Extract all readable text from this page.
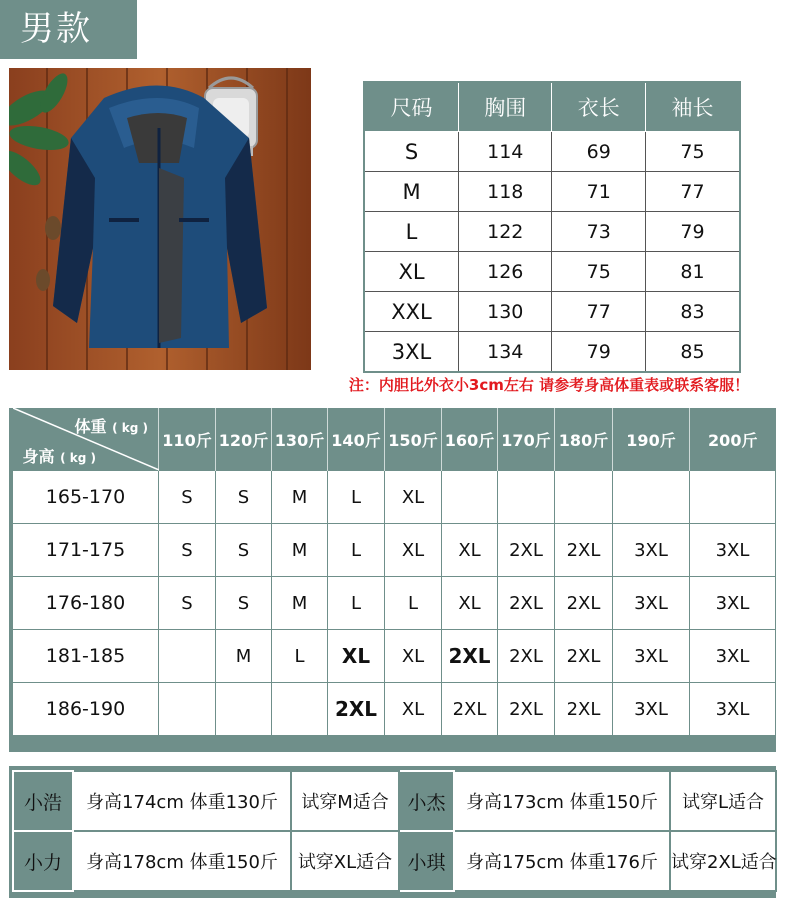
男款
尺码	胸围	衣长	袖长
S	114	69	75
M	118	71	77
L	122	73	79
XL	126	75	81
XXL	130	77	83
3XL	134	79	85
注：内胆比外衣小3cm左右 请参考身高体重表或联系客服！
体重 ( kg )
身高 ( kg )	110斤	120斤	130斤	140斤	150斤	160斤	170斤	180斤	190斤	200斤
165-170	S	S	M	L	XL					
171-175	S	S	M	L	XL	XL	2XL	2XL	3XL	3XL
176-180	S	S	M	L	L	XL	2XL	2XL	3XL	3XL
181-185		M	L	XL	XL	2XL	2XL	2XL	3XL	3XL
186-190				2XL	XL	2XL	2XL	2XL	3XL	3XL
小浩	身高174cm 体重130斤	试穿M适合	小杰	身高173cm 体重150斤	试穿L适合
小力	身高178cm 体重150斤	试穿XL适合	小琪	身高175cm 体重176斤	试穿2XL适合
